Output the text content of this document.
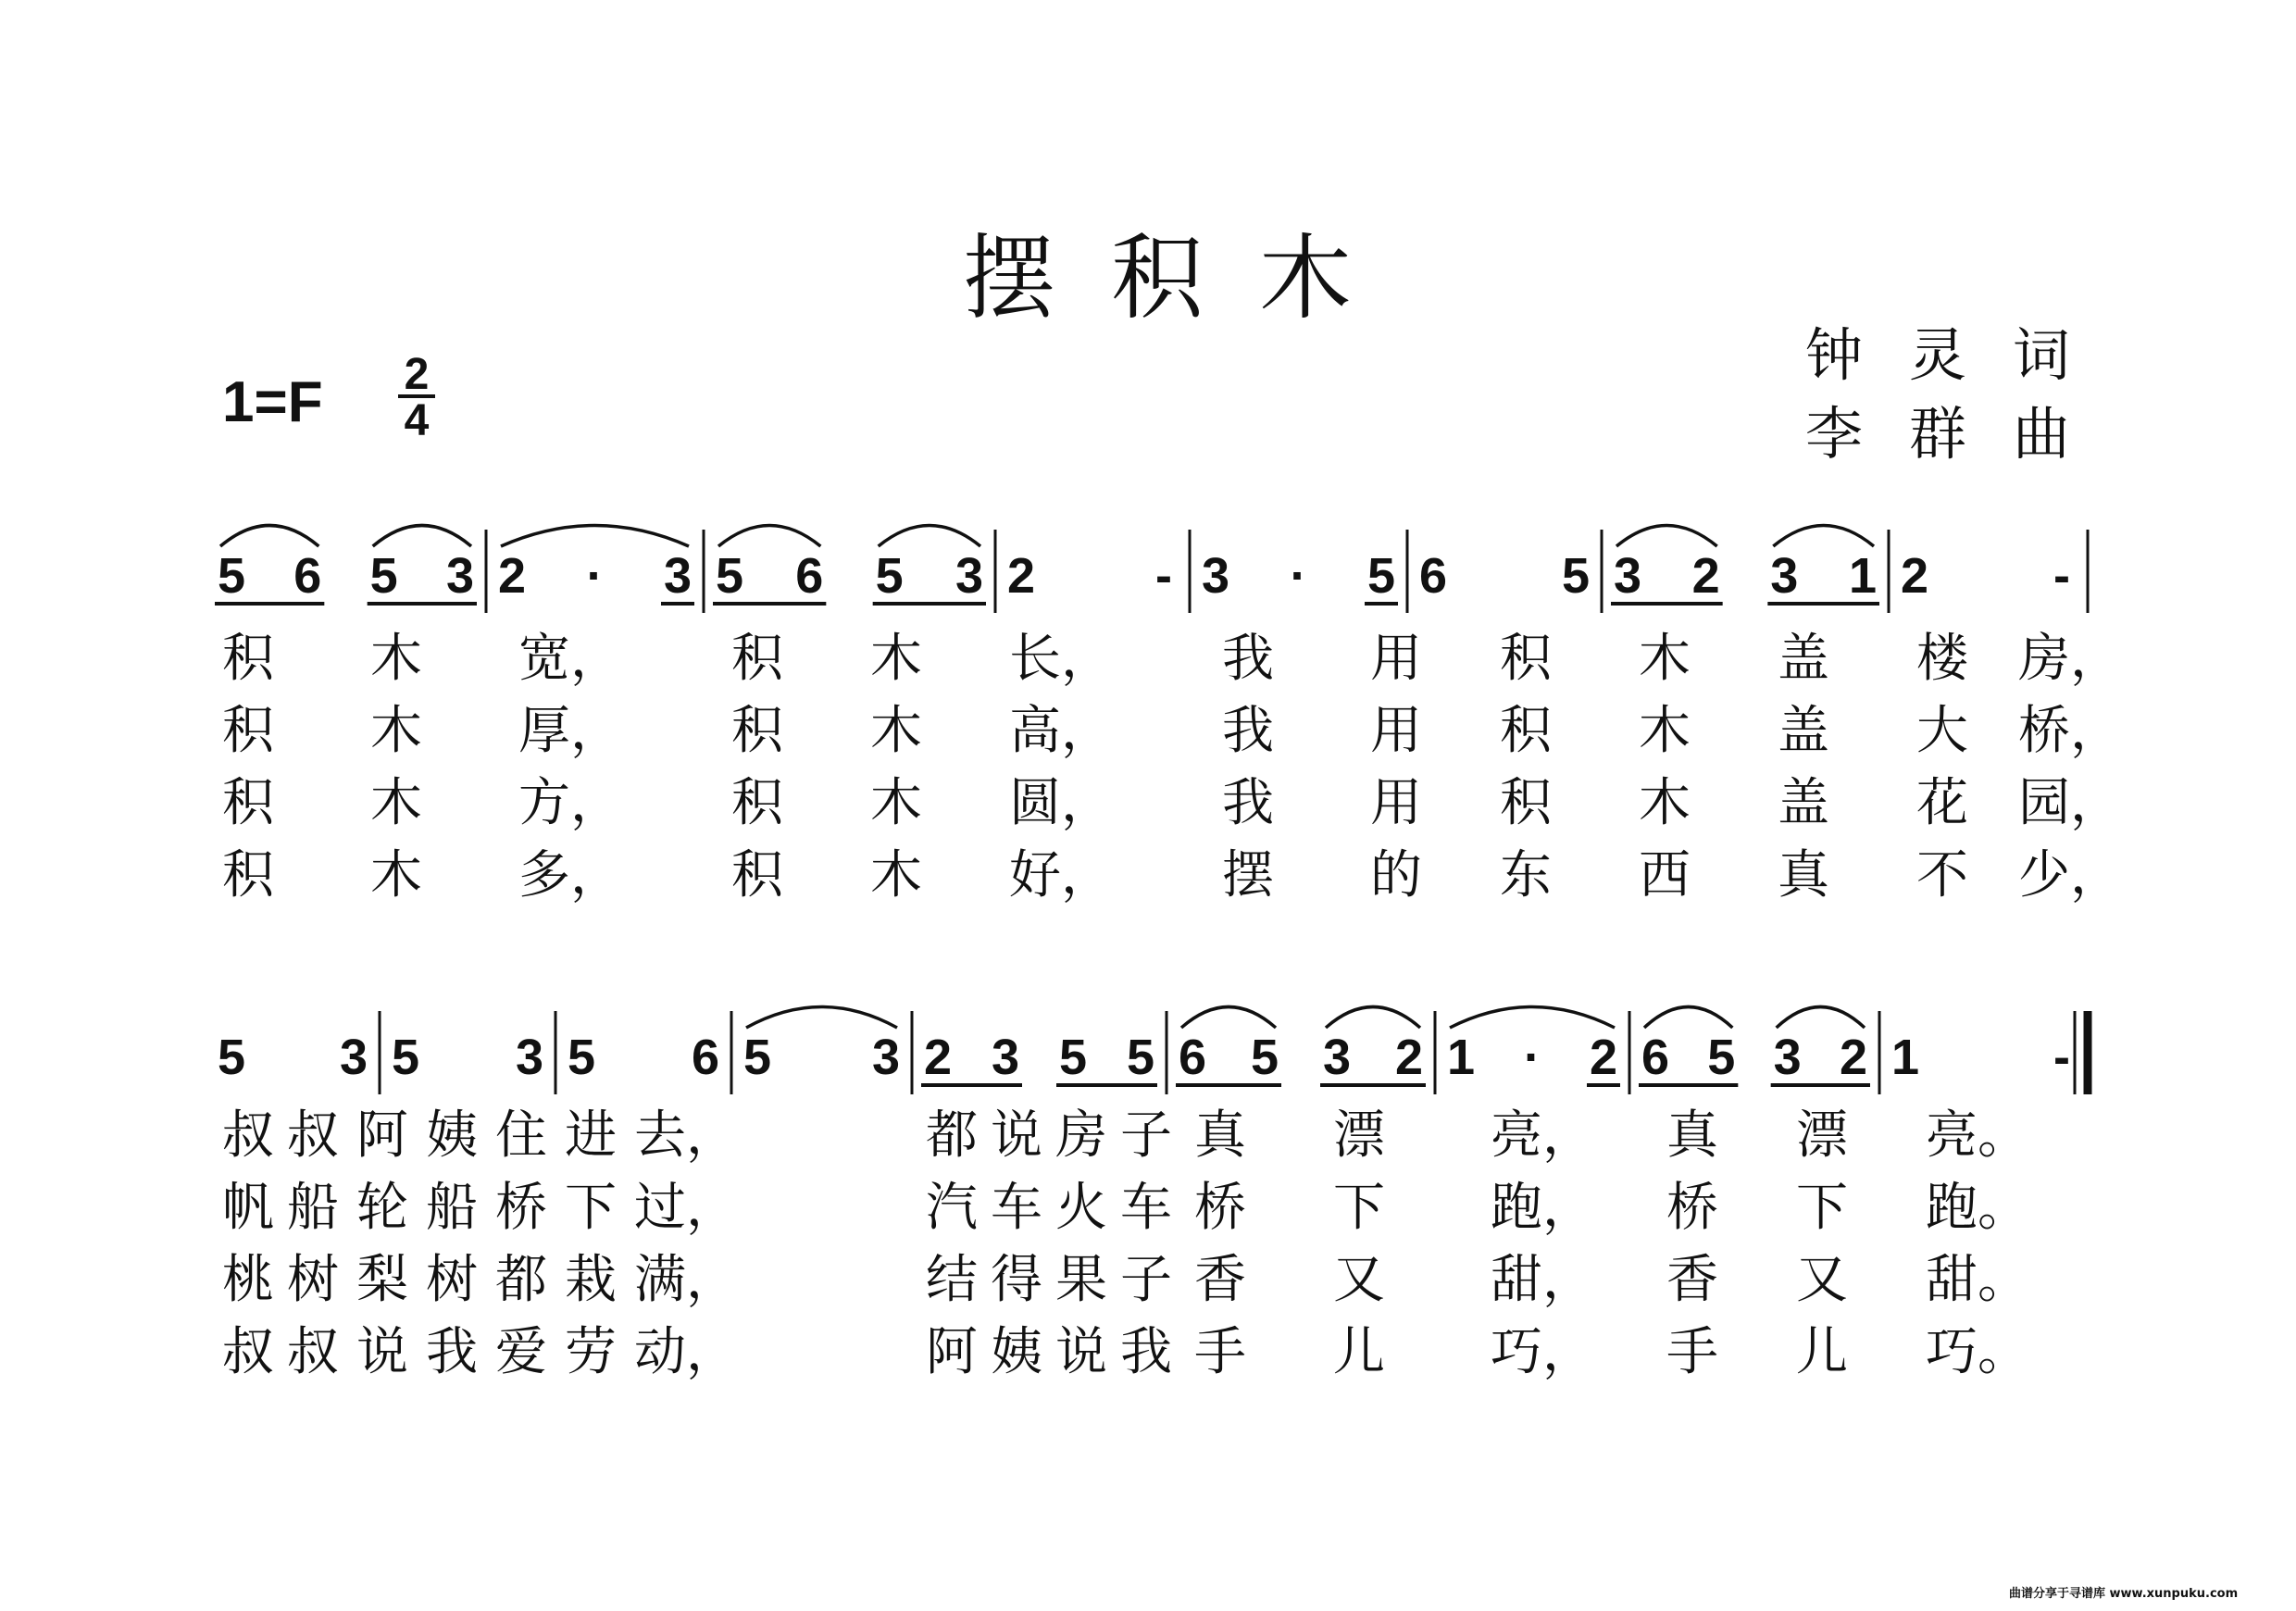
摆积木
钟灵词
李群曲
1=F 2
4
5 6 5 3 2 · 3 5 6 5 3 2 - 3 · 5 6 5 3 2 3 1 2 -
积 木 宽， 积 木 长， 我 用 积 木 盖 楼 房，
积 木 厚， 积 木 高， 我 用 积 木 盖 大 桥，
积 木 方， 积 木 圆， 我 用 积 木 盖 花 园，
积 木 多， 积 木 好， 摆 的 东 西 真 不 少，
5 3 5 3 5 6 5 3 2 3 5 5 6 5 3 2 1 · 2 6 5 3 2 1	-
叔 叔 阿 姨 住 进 去，	都 说 房 子 真 漂 亮， 真 漂 亮。
帆 船 轮 船 桥 下 过，	汽 车 火 车 桥 下 跑， 桥 下 跑。
桃 树 梨 树 都 栽 满，	结 得 果 子 香 又 甜， 香 又 甜。
叔 叔 说 我 爱 劳 动，	阿 姨 说 我 手 儿 巧， 手 儿 巧。
曲谱分享于寻谱库 www.xunpuku.com
